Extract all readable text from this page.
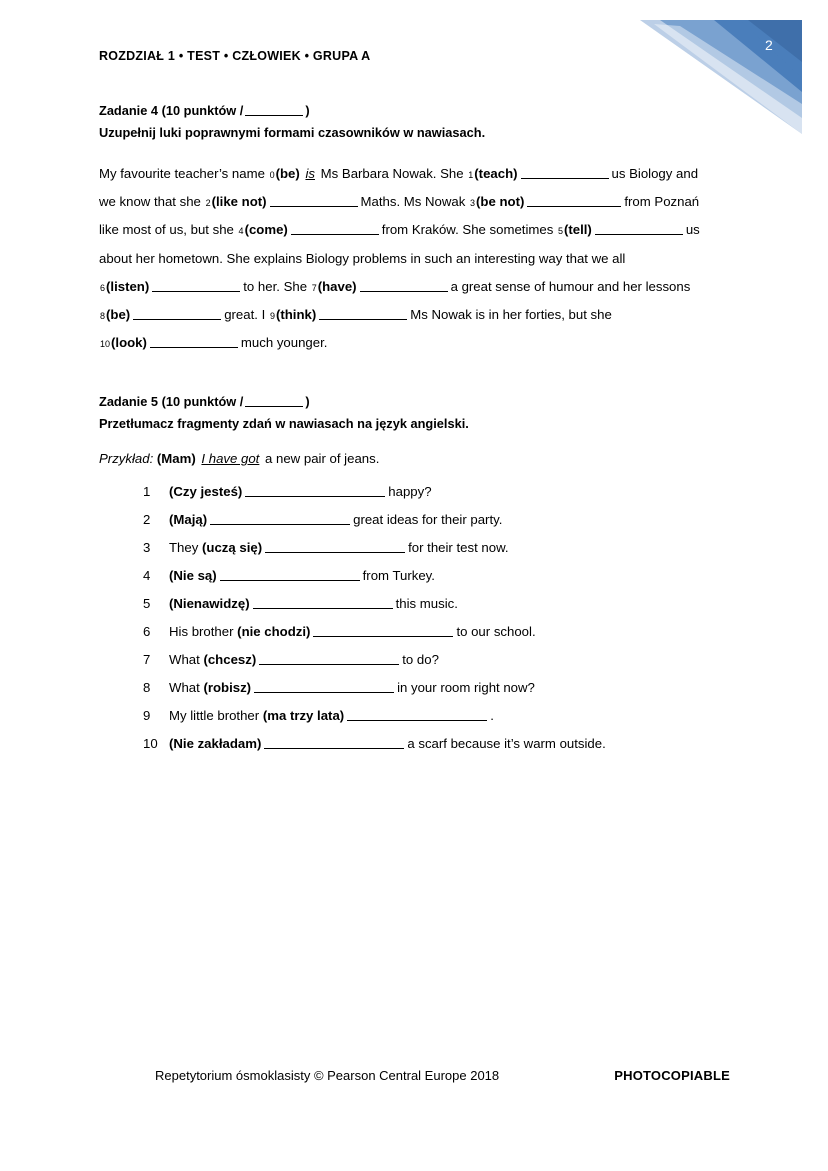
2
ROZDZIAŁ 1 • TEST • CZŁOWIEK • GRUPA A
Zadanie 4 (10 punktów /	)
Uzupełnij luki poprawnymi formami czasowników w nawiasach.
My favourite teacher’s name 0(be) is Ms Barbara Nowak. She 1(teach)	us Biology and
we know that she 2(like not)	Maths. Ms Nowak 3(be not)	from Poznań
like most of us, but she 4(come)	from Kraków. She sometimes 5(tell)	us
about her hometown. She explains Biology problems in such an interesting way that we all
6(listen)	to her. She 7(have)	a great sense of humour and her lessons
8(be)	great. I 9(think)	Ms Nowak is in her forties, but she
10(look)	much younger.
Zadanie 5 (10 punktów /	)
Przetłumacz fragmenty zdań w nawiasach na język angielski.
Przykład: (Mam) I have got a new pair of jeans.
1	(Czy jesteś)	happy?
2	(Mają)	great ideas for their party.
3	They (uczą się)	for their test now.
4	(Nie są)	from Turkey.
5	(Nienawidzę)	this music.
6	His brother (nie chodzi)	to our school.
7	What (chcesz)	to do?
8	What (robisz)	in your room right now?
9	My little brother (ma trzy lata)	.
10 (Nie zakładam)	a scarf because it’s warm outside.
Repetytorium ósmoklasisty © Pearson Central Europe 2018	PHOTOCOPIABLE
